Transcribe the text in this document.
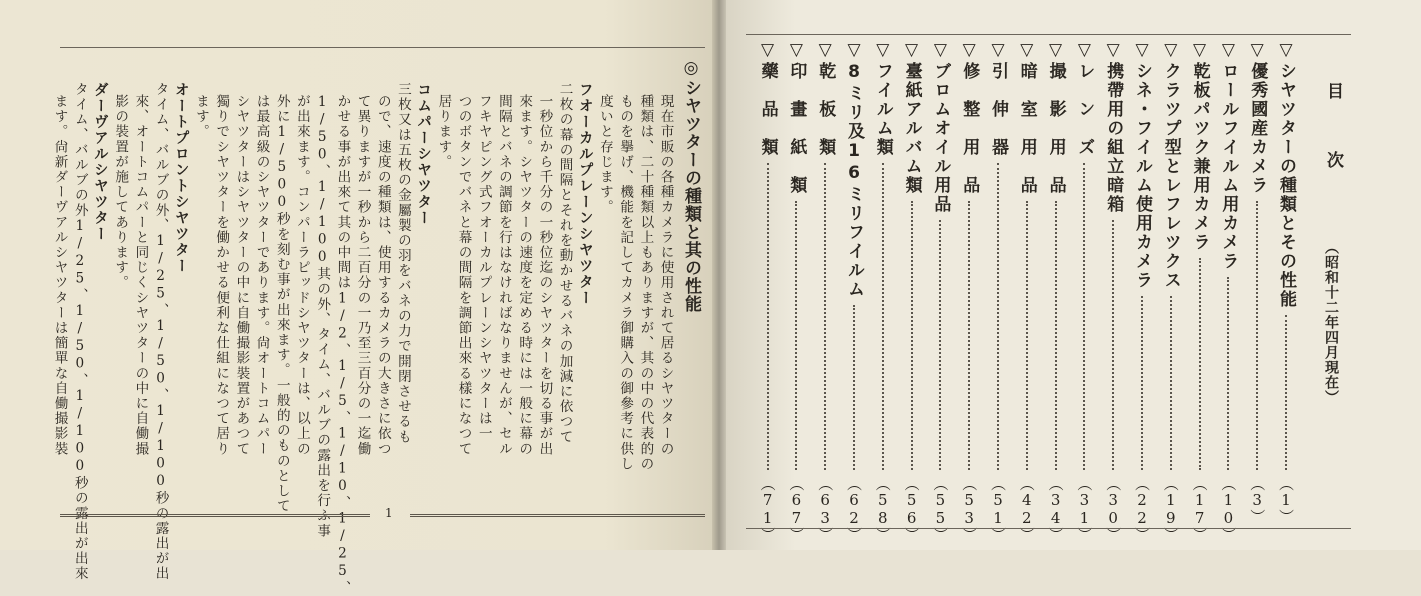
◎シヤツターの種類と其の性能
現在市販の各種カメラに使用されて居るシヤツターの
種類は、二十種類以上もありますが、其の中の代表的の
ものを擧げ、機能を記してカメラ御購入の御參考に供し
度いと存じます。
フオーカルプレーンシヤツター
二枚の幕の間隔とそれを動かせるバネの加減に依つて
一秒位から千分の一秒位迄のシヤツターを切る事が出
來ます。シヤツターの速度を定める時には一般に幕の
間隔とバネの調節を行はなければなりませんが、セル
フキヤピング式フオーカルプレーンシヤツターは一
つのボタンでバネと幕の間隔を調節出來る樣になつて
居ります。
コムパーシヤツター
三枚又は五枚の金屬製の羽をバネの力で開閉させるも
ので、速度の種類は、使用するカメラの大きさに依つ
て異りますが一秒から二百分の一乃至三百分の一迄働
かせる事が出來て其の中間は1/2、1/5、1/10、1/25、
1/50、1/100其の外、タイム、バルブの露出を行ふ事
が出來ます。コンパーラピッドシヤツターは、以上の
外に1/500秒を刻む事が出來ます。一般的のものとして
は最高級のシヤツターであります。尙オートコムパー
シヤツターはシヤツターの中に自働撮影裝置があつて
獨りでシヤツターを働かせる便利な仕組になつて居り
ます。
オートプロントシヤツター
タイム、バルブの外、1/25、1/50、1/100秒の露出が出
來、オートコムパーと同じくシヤツターの中に自働撮
影の裝置が施してあります。
ダーヴアルシヤツター
タイム、バルブの外1/25、1/50、1/100秒の露出が出來
ます。尙新ダーヴアルシヤツターは簡單な自働撮影裝
1
目　　次
（昭和十二年四月現在）
▽シヤツターの種類とその性能
（1）
▽優秀國産カメラ
（3）
▽ロールフイルム用カメラ
（10）
▽乾板パツク兼用カメラ
（17）
▽クラツプ型とレフレツクス
（19）
▽シネ・フイルム使用カメラ
（22）
▽携帶用の組立暗箱
（30）
▽レ　ン　ズ
（31）
▽撮　影　用　品
（34）
▽暗　室　用　品
（42）
▽引　伸　器
（51）
▽修　整　用　品
（53）
▽ブロムオイル用品
（55）
▽臺紙アルバム類
（56）
▽フイルム類
（58）
▽8ミリ及16ミリフイルム
（62）
▽乾　板　類
（63）
▽印　畫　紙　類
（67）
▽藥　品　類
（71）
